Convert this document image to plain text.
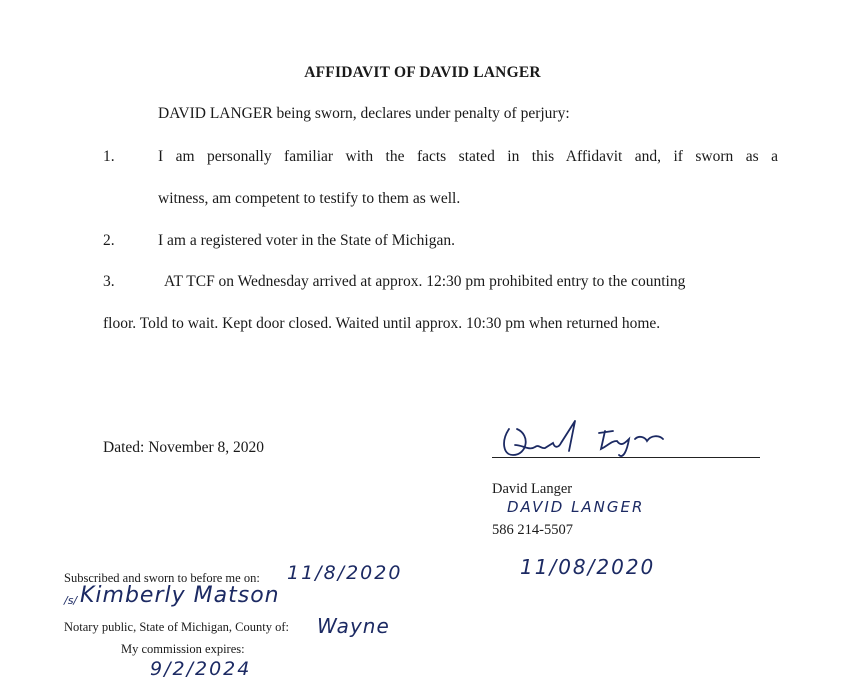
AFFIDAVIT OF DAVID LANGER
DAVID LANGER being sworn, declares under penalty of perjury:
1.	I am personally familiar with the facts stated in this Affidavit and, if sworn as a
witness, am competent to testify to them as well.
2.	I am a registered voter in the State of Michigan.
3.	AT TCF on Wednesday arrived at approx. 12:30 pm prohibited entry to the counting
floor. Told to wait. Kept door closed. Waited until approx. 10:30 pm when returned home.
Dated: November 8, 2020
David Langer
DAVID LANGER
586 214-5507
11/08/2020
Subscribed and sworn to before me on: 11/8/2020
/s/ Kimberly Matson
Notary public, State of Michigan, County of: Wayne
My commission expires:
9/2/2024
